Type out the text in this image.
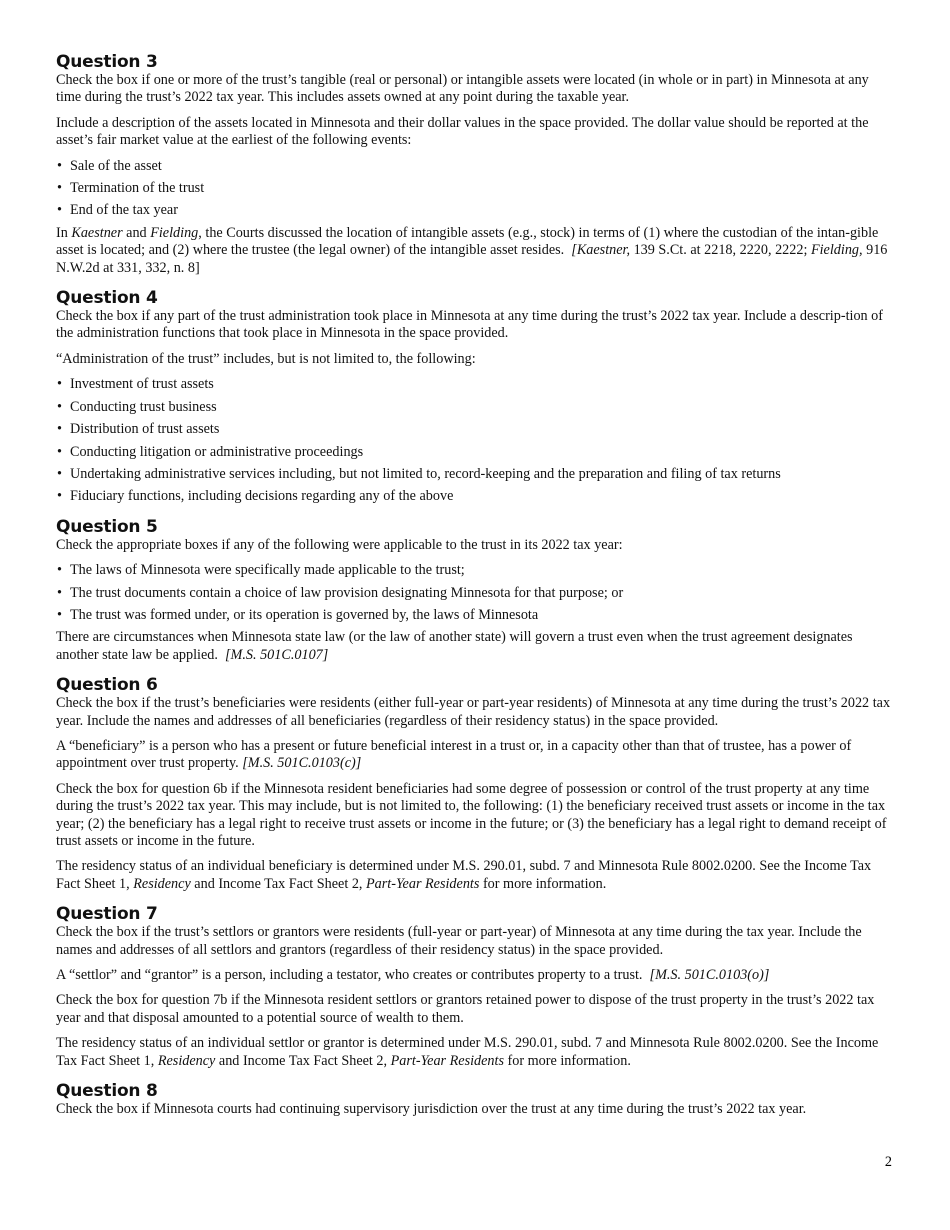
Question 3

Check the box if one or more of the trust’s tangible (real or personal) or intangible assets were located (in whole or in part) in Minnesota at any time during the trust’s 2022 tax year. This includes assets owned at any point during the taxable year.

Include a description of the assets located in Minnesota and their dollar values in the space provided. The dollar value should be reported at the asset’s fair market value at the earliest of the following events:

• Sale of the asset
• Termination of the trust
• End of the tax year

In Kaestner and Fielding, the Courts discussed the location of intangible assets (e.g., stock) in terms of (1) where the custodian of the intan-gible asset is located; and (2) where the trustee (the legal owner) of the intangible asset resides. [Kaestner, 139 S.Ct. at 2218, 2220, 2222; Fielding, 916 N.W.2d at 331, 332, n. 8]

Question 4

Check the box if any part of the trust administration took place in Minnesota at any time during the trust’s 2022 tax year. Include a descrip-tion of the administration functions that took place in Minnesota in the space provided.

“Administration of the trust” includes, but is not limited to, the following:

• Investment of trust assets
• Conducting trust business
• Distribution of trust assets
• Conducting litigation or administrative proceedings
• Undertaking administrative services including, but not limited to, record-keeping and the preparation and filing of tax returns
• Fiduciary functions, including decisions regarding any of the above
Question 5

Check the appropriate boxes if any of the following were applicable to the trust in its 2022 tax year:

• The laws of Minnesota were specifically made applicable to the trust;
• The trust documents contain a choice of law provision designating Minnesota for that purpose; or
• The trust was formed under, or its operation is governed by, the laws of Minnesota

There are circumstances when Minnesota state law (or the law of another state) will govern a trust even when the trust agreement designates another state law be applied. [M.S. 501C.0107]

Question 6

Check the box if the trust’s beneficiaries were residents (either full-year or part-year residents) of Minnesota at any time during the trust’s 2022 tax year. Include the names and addresses of all beneficiaries (regardless of their residency status) in the space provided.

A “beneficiary” is a person who has a present or future beneficial interest in a trust or, in a capacity other than that of trustee, has a power of appointment over trust property. [M.S. 501C.0103(c)]

Check the box for question 6b if the Minnesota resident beneficiaries had some degree of possession or control of the trust property at any time during the trust’s 2022 tax year. This may include, but is not limited to, the following: (1) the beneficiary received trust assets or income in the tax year; (2) the beneficiary has a legal right to receive trust assets or income in the future; or (3) the beneficiary has a legal right to demand receipt of trust assets or income in the future.

The residency status of an individual beneficiary is determined under M.S. 290.01, subd. 7 and Minnesota Rule 8002.0200. See the Income Tax Fact Sheet 1, Residency and Income Tax Fact Sheet 2, Part-Year Residents for more information.

Question 7

Check the box if the trust’s settlors or grantors were residents (full-year or part-year) of Minnesota at any time during the tax year. Include the names and addresses of all settlors and grantors (regardless of their residency status) in the space provided.

A “settlor” and “grantor” is a person, including a testator, who creates or contributes property to a trust. [M.S. 501C.0103(o)]

Check the box for question 7b if the Minnesota resident settlors or grantors retained power to dispose of the trust property in the trust’s 2022 tax year and that disposal amounted to a potential source of wealth to them.

The residency status of an individual settlor or grantor is determined under M.S. 290.01, subd. 7 and Minnesota Rule 8002.0200. See the Income Tax Fact Sheet 1, Residency and Income Tax Fact Sheet 2, Part-Year Residents for more information.

Question 8

Check the box if Minnesota courts had continuing supervisory jurisdiction over the trust at any time during the trust’s 2022 tax year.

2
